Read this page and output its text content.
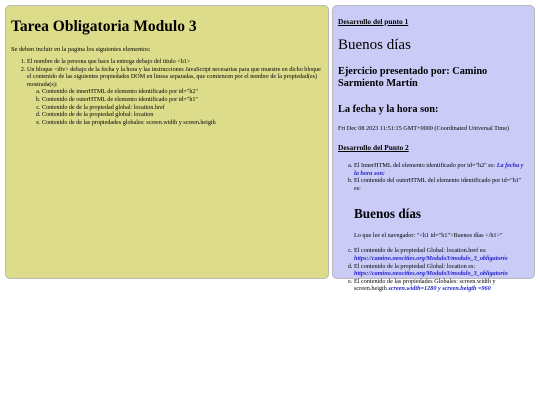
Tarea Obligatoria Modulo 3

Se deben incluir en la pagina los siguientes elementos:

1. El nombre de la persona que hace la entrega debajo del titulo <h1>
2. Un bloque <div> debajo de la fecha y la hora y las instrucciones JavaScript necesarias para que muestre en dicho bloque el contenido de las siguientes propiedades DOM en lineas separadas, que comiencen por el nombre de la propiedad(es) mostrada(s):
a. Contenido de innerHTML de elemento identificado por id="h2"
b. Contenido de outerHTML de elemento identificado por id="h1"
c. Contenido de de la propiedad global: location.href
d. Contenido de de la propiedad global: location
e. Contenido de de las propiedades globales: screen.width y screen.heigth
Desarrollo del punto 1
Buenos días
Ejercicio presentado por: Camino Sarmiento Martín
La fecha y la hora son:
Fri Dec 08 2023 11:51:15 GMT+0000 (Coordinated Universal Time)
Desarrollo del Punto 2
a. El InnerHTML del elemento identificado por id="h2" es: La fecha y la hora son:
b. El contenido del outerHTML del elemento identificado por id="h1" es:
Buenos días
Lo que lee el navegador: "<h1 id="h1">Buenos días </h1>"
c. El contenido de la propiedad Global: location.href es: https://camino.neocities.org/Modulo3/modulo_3_obligatorio
d. El contenido de la propiedad Global: location es: https://camino.neocities.org/Modulo3/modulo_3_obligatorio
e. El contenido de las propiedades Globales: screen.width y screen.heigth screen.width=1280 y screen.heigth =960
